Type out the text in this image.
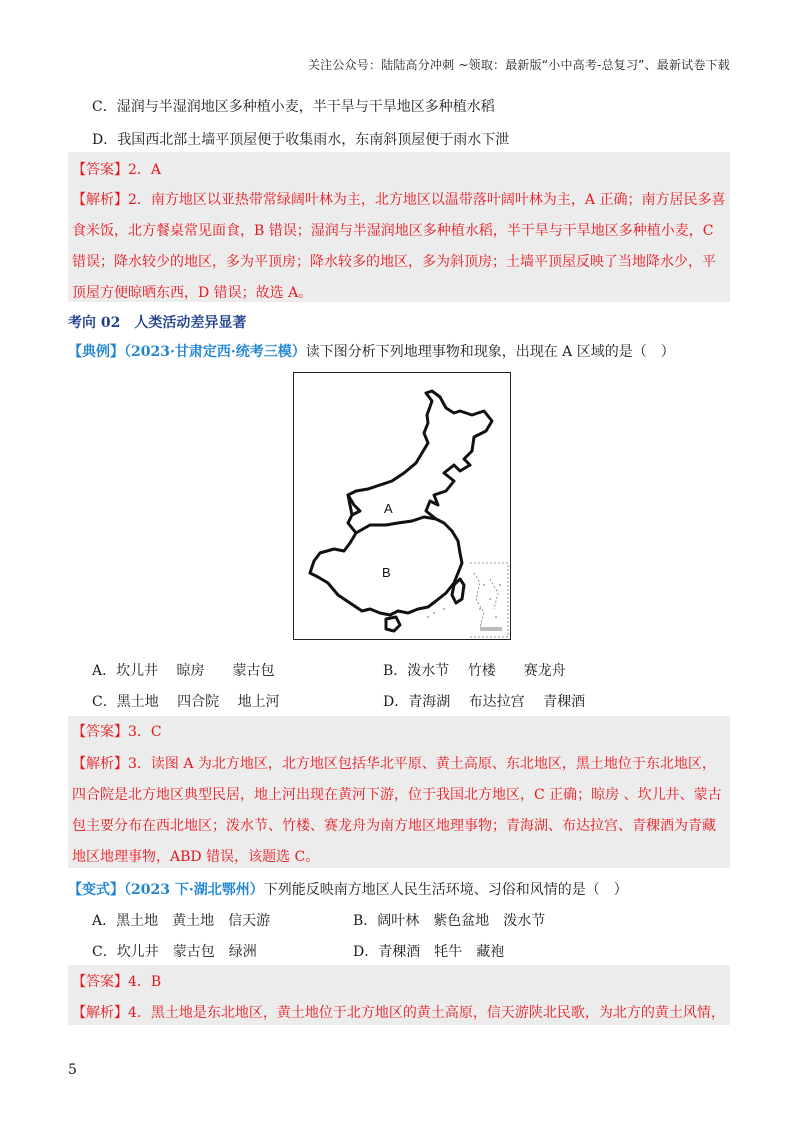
关注公众号：陆陆高分冲刺 ~领取：最新版“小中高考-总复习”、最新试卷下载
C．湿润与半湿润地区多种植小麦，半干旱与干旱地区多种植水稻
D．我国西北部土墙平顶屋便于收集雨水，东南斜顶屋便于雨水下泄
【答案】2．A
【解析】2．南方地区以亚热带常绿阔叶林为主，北方地区以温带落叶阔叶林为主，A 正确；南方居民多喜
食米饭，北方餐桌常见面食，B 错误；湿润与半湿润地区多种植水稻，半干旱与干旱地区多种植小麦，C
错误；降水较少的地区，多为平顶房；降水较多的地区，多为斜顶房；土墙平顶屋反映了当地降水少，平
顶屋方便晾晒东西，D 错误；故选 A。
考向 02　人类活动差异显著
【典例】（2023·甘肃定西·统考三模）读下图分析下列地理事物和现象，出现在 A 区域的是（　）
A
B
A．坎儿井　 晾房　　蒙古包	B．泼水节　 竹楼　　赛龙舟
C．黑土地　 四合院　 地上河	D．青海湖　 布达拉宫　 青稞酒
【答案】3．C
【解析】3．读图 A 为北方地区，北方地区包括华北平原、黄土高原、东北地区，黑土地位于东北地区，
四合院是北方地区典型民居，地上河出现在黄河下游，位于我国北方地区，C 正确；晾房 、坎儿井、蒙古
包主要分布在西北地区；泼水节、竹楼、赛龙舟为南方地区地理事物；青海湖、布达拉宫、青稞酒为青藏
地区地理事物，ABD 错误，该题选 C。
【变式】（2023 下·湖北鄂州）下列能反映南方地区人民生活环境、习俗和风情的是（　）
A．黑土地　黄土地　信天游	B．阔叶林　紫色盆地　泼水节
C．坎儿井　蒙古包　绿洲	D．青稞酒　牦牛　藏袍
【答案】4．B
【解析】4．黑土地是东北地区，黄土地位于北方地区的黄土高原，信天游陕北民歌，为北方的黄土风情，
5
